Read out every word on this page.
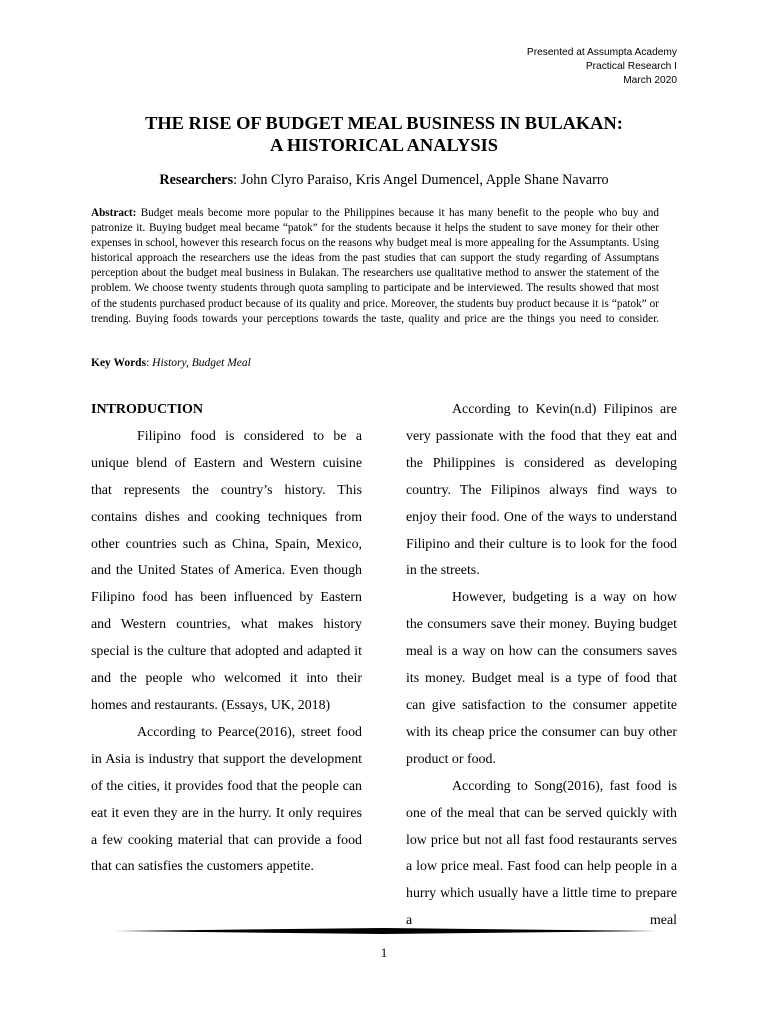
Presented at Assumpta Academy
Practical Research I
March 2020
THE RISE OF BUDGET MEAL BUSINESS IN BULAKAN:
A HISTORICAL ANALYSIS
Researchers: John Clyro Paraiso, Kris Angel Dumencel, Apple Shane Navarro
Abstract: Budget meals become more popular to the Philippines because it has many benefit to the people who buy and patronize it. Buying budget meal became “patok” for the students because it helps the student to save money for their other expenses in school, however this research focus on the reasons why budget meal is more appealing for the Assumptants. Using historical approach the researchers use the ideas from the past studies that can support the study regarding of Assumptans perception about the budget meal business in Bulakan. The researchers use qualitative method to answer the statement of the problem. We choose twenty students through quota sampling to participate and be interviewed. The results showed that most of the students purchased product because of its quality and price. Moreover, the students buy product because it is “patok” or trending. Buying foods towards your perceptions towards the taste, quality and price are the things you need to consider.
Key Words: History, Budget Meal
INTRODUCTION

Filipino food is considered to be a unique blend of Eastern and Western cuisine that represents the country’s history. This contains dishes and cooking techniques from other countries such as China, Spain, Mexico, and the United States of America. Even though Filipino food has been influenced by Eastern and Western countries, what makes history special is the culture that adopted and adapted it and the people who welcomed it into their homes and restaurants. (Essays, UK, 2018)

According to Pearce(2016), street food in Asia is industry that support the development of the cities, it provides food that the people can eat it even they are in the hurry. It only requires a few cooking material that can provide a food that can satisfies the customers appetite.

According to Kevin(n.d) Filipinos are very passionate with the food that they eat and the Philippines is considered as developing country. The Filipinos always find ways to enjoy their food. One of the ways to understand Filipino and their culture is to look for the food in the streets.

However, budgeting is a way on how the consumers save their money. Buying budget meal is a way on how can the consumers saves its money. Budget meal is a type of food that can give satisfaction to the consumer appetite with its cheap price the consumer can buy other product or food.

According to Song(2016), fast food is one of the meal that can be served quickly with low price but not all fast food restaurants serves a low price meal. Fast food can help people in a hurry which usually have a little time to prepare a meal

1
